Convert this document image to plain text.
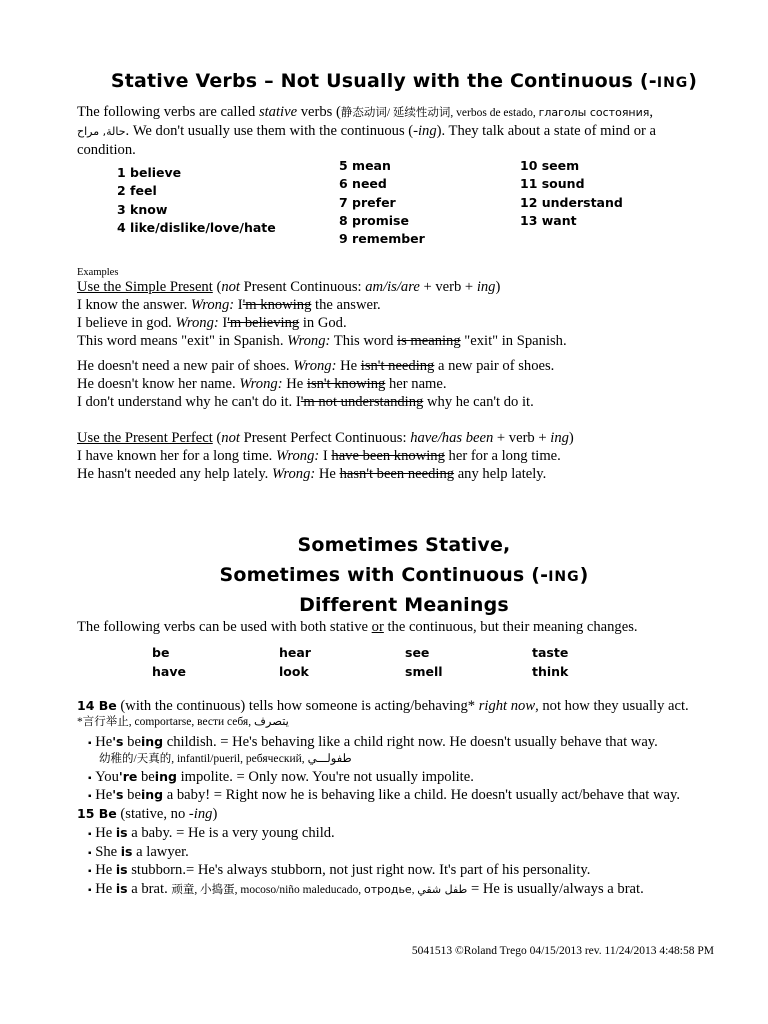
Stative Verbs – Not Usually with the Continuous (-ING)
The following verbs are called stative verbs (静态动词/ 延续性动词, verbos de estado, глаголы состояния,
حالة, مراح. We don't usually use them with the continuous (-ing). They talk about a state of mind or a condition.
1 believe
2 feel
3 know
4 like/dislike/love/hate
5 mean
6 need
7 prefer
8 promise
9 remember
10 seem
11 sound
12 understand
13 want
Examples
Use the Simple Present (not Present Continuous: am/is/are + verb + ing)
I know the answer. Wrong: I'm knowing the answer.
I believe in god. Wrong: I'm believing in God.
This word means "exit" in Spanish. Wrong: This word is meaning "exit" in Spanish.
He doesn't need a new pair of shoes. Wrong: He isn't needing a new pair of shoes.
He doesn't know her name. Wrong: He isn't knowing her name.
I don't understand why he can't do it. I'm not understanding why he can't do it.
Use the Present Perfect (not Present Perfect Continuous: have/has been + verb + ing)
I have known her for a long time. Wrong: I have been knowing her for a long time.
He hasn't needed any help lately. Wrong: He hasn't been needing any help lately.
Sometimes Stative,
Sometimes with Continuous (-ING)
Different Meanings
The following verbs can be used with both stative or the continuous, but their meaning changes.
be	hear	see	taste
have	look	smell	think
14 Be (with the continuous) tells how someone is acting/behaving* right now, not how they usually act.
*言行举止, comportarse, вести себя, يتصرف
▪ He's being childish. = He's behaving like a child right now. He doesn't usually behave that way.
幼稚的/天真的, infantil/pueril, ребяческий, طفولـــي
▪ You're being impolite. = Only now. You're not usually impolite.
▪ He's being a baby! = Right now he is behaving like a child. He doesn't usually act/behave that way.
15 Be (stative, no -ing)
▪ He is a baby. = He is a very young child.
▪ She is a lawyer.
▪ He is stubborn.= He's always stubborn, not just right now. It's part of his personality.
▪ He is a brat. 顽童, 小捣蛋, mocoso/niño maleducado, отродье, طفل شقي = He is usually/always a brat.
5041513 ©Roland Trego 04/15/2013 rev. 11/24/2013 4:48:58 PM
